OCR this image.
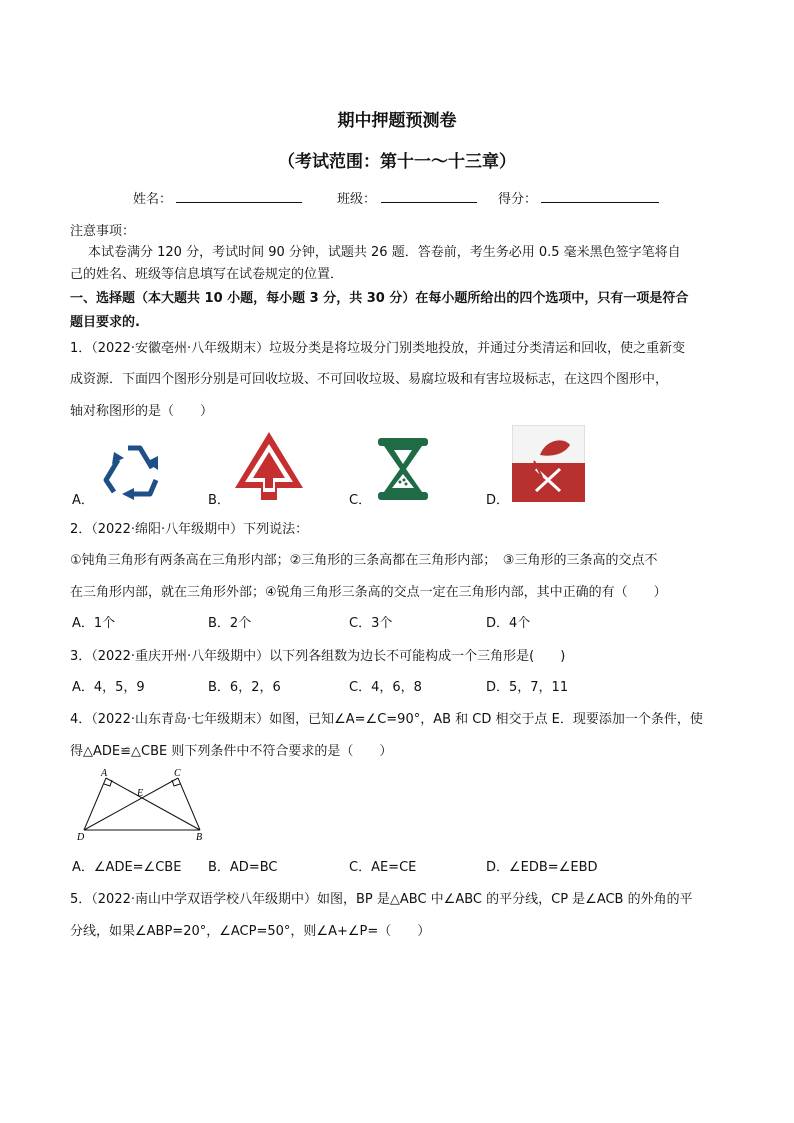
期中押题预测卷
（考试范围：第十一～十三章）
姓名：	班级：	得分：
注意事项：
本试卷满分 120 分，考试时间 90 分钟，试题共 26 题．答卷前，考生务必用 0.5 毫米黑色签字笔将自
己的姓名、班级等信息填写在试卷规定的位置．
一、选择题（本大题共 10 小题，每小题 3 分，共 30 分）在每小题所给出的四个选项中，只有一项是符合
题目要求的.
1．（2022·安徽亳州·八年级期末）垃圾分类是将垃圾分门别类地投放，并通过分类清运和回收，使之重新变
成资源．下面四个图形分别是可回收垃圾、不可回收垃圾、易腐垃圾和有害垃圾标志，在这四个图形中，
轴对称图形的是（　　）
A．	B．	C．	D．
2．（2022·绵阳·八年级期中）下列说法：
①钝角三角形有两条高在三角形内部；②三角形的三条高都在三角形内部；　③三角形的三条高的交点不
在三角形内部，就在三角形外部；④锐角三角形三条高的交点一定在三角形内部，其中正确的有（　　）
A．1个	B．2个	C．3个	D．4个
3．（2022·重庆开州·八年级期中）以下列各组数为边长不可能构成一个三角形是(　　)
A．4，5，9	B．6，2，6	C．4，6，8	D．5，7，11
4．（2022·山东青岛·七年级期末）如图，已知∠A=∠C=90°，AB 和 CD 相交于点 E．现要添加一个条件，使
得△ADE≌△CBE 则下列条件中不符合要求的是（　　）
A	C
E
D	B
A．∠ADE=∠CBE B．AD=BC	C．AE=CE	D．∠EDB=∠EBD
5．（2022·南山中学双语学校八年级期中）如图，BP 是△ABC 中∠ABC 的平分线，CP 是∠ACB 的外角的平
分线，如果∠ABP=20°，∠ACP=50°，则∠A+∠P=（　　）
